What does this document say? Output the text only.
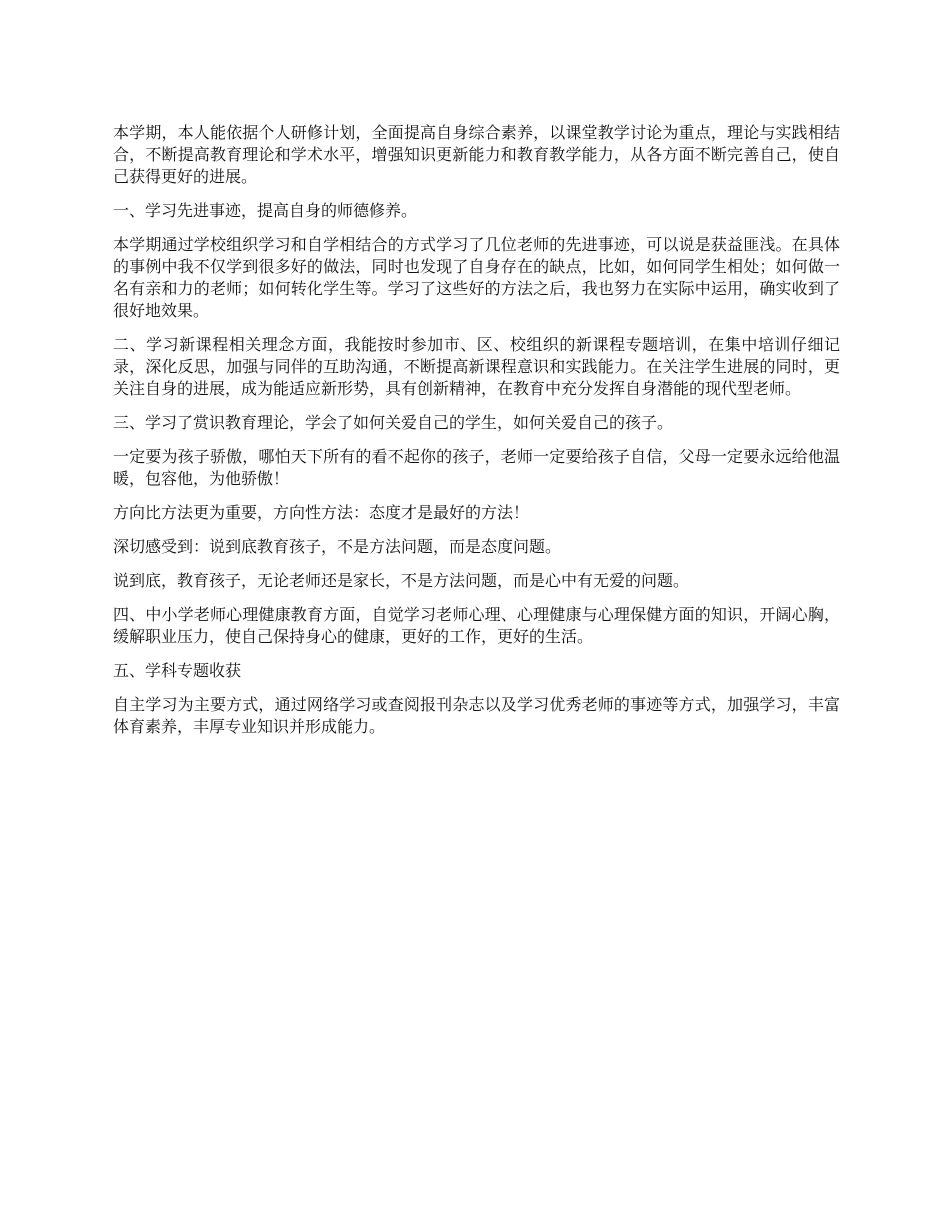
本学期，本人能依据个人研修计划，全面提高自身综合素养，以课堂教学讨论为重点，理论与实践相结合，不断提高教育理论和学术水平，增强知识更新能力和教育教学能力，从各方面不断完善自己，使自己获得更好的进展。

一、学习先进事迹，提高自身的师德修养。

本学期通过学校组织学习和自学相结合的方式学习了几位老师的先进事迹，可以说是获益匪浅。在具体的事例中我不仅学到很多好的做法，同时也发现了自身存在的缺点，比如，如何同学生相处；如何做一名有亲和力的老师；如何转化学生等。学习了这些好的方法之后，我也努力在实际中运用，确实收到了很好地效果。

二、学习新课程相关理念方面，我能按时参加市、区、校组织的新课程专题培训，在集中培训仔细记录，深化反思，加强与同伴的互助沟通，不断提高新课程意识和实践能力。在关注学生进展的同时，更关注自身的进展，成为能适应新形势，具有创新精神，在教育中充分发挥自身潜能的现代型老师。

三、学习了赏识教育理论，学会了如何关爱自己的学生，如何关爱自己的孩子。

一定要为孩子骄傲，哪怕天下所有的看不起你的孩子，老师一定要给孩子自信，父母一定要永远给他温暖，包容他，为他骄傲！

方向比方法更为重要，方向性方法：态度才是最好的方法！

深切感受到：说到底教育孩子，不是方法问题，而是态度问题。

说到底，教育孩子，无论老师还是家长，不是方法问题，而是心中有无爱的问题。

四、中小学老师心理健康教育方面，自觉学习老师心理、心理健康与心理保健方面的知识，开阔心胸，缓解职业压力，使自己保持身心的健康，更好的工作，更好的生活。

五、学科专题收获

自主学习为主要方式，通过网络学习或查阅报刊杂志以及学习优秀老师的事迹等方式，加强学习，丰富体育素养，丰厚专业知识并形成能力。
